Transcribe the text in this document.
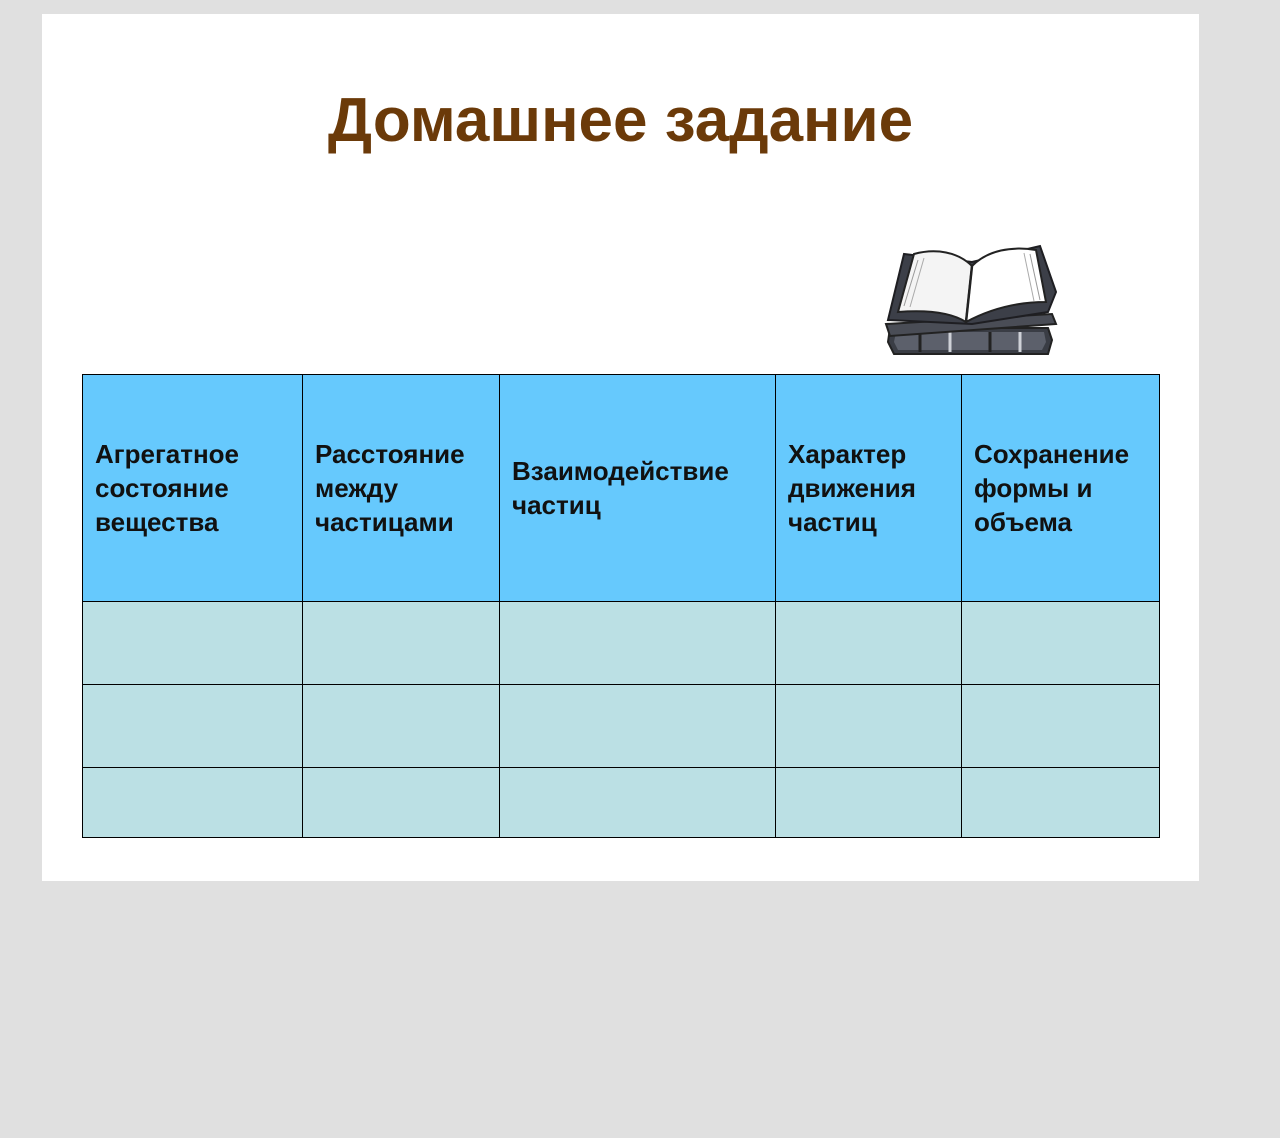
Домашнее задание
Агрегатное состояние вещества	Расстояние между частицами	Взаимодействие частиц	Характер движения частиц	Сохранение формы и объема
